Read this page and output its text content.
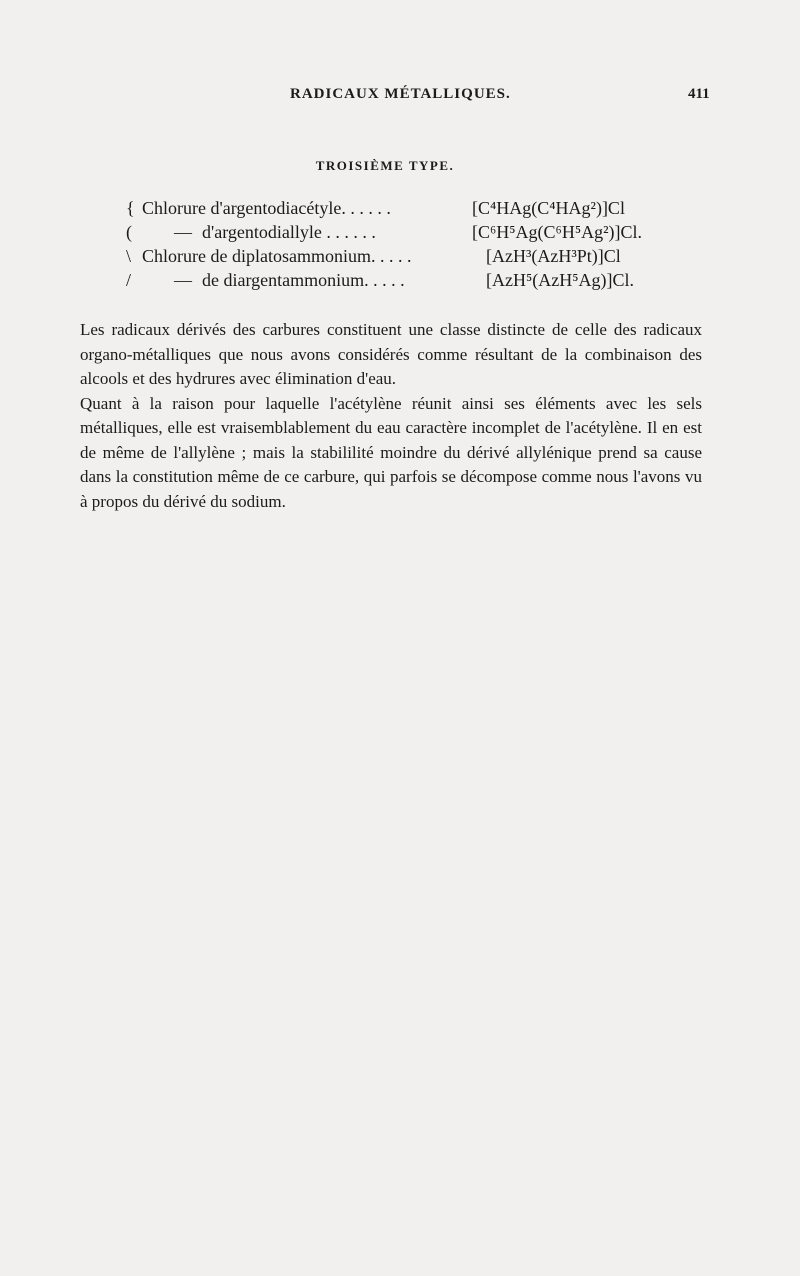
RADICAUX MÉTALLIQUES.	411
TROISIÈME TYPE.
{ Chlorure d'argentodiacétyle. . . . . .	[C⁴HAg(C⁴HAg²)]Cl
( — d'argentodiallyle . . . . . .	[C⁶H⁵Ag(C⁶H⁵Ag²)]Cl.
\ Chlorure de diplatosammonium. . . . .	[AzH³(AzH³Pt)]Cl
/ — de diargentammonium. . . . .	[AzH⁵(AzH⁵Ag)]Cl.

Les radicaux dérivés des carbures constituent une classe distincte de celle des radicaux organo-métalliques que nous avons considérés comme résultant de la combinaison des alcools et des hydrures avec élimination d'eau.

Quant à la raison pour laquelle l'acétylène réunit ainsi ses éléments avec les sels métalliques, elle est vraisemblablement du eau caractère incomplet de l'acétylène. Il en est de même de l'allylène ; mais la stabililité moindre du dérivé allylénique prend sa cause dans la constitution même de ce carbure, qui parfois se décompose comme nous l'avons vu à propos du dérivé du sodium.
